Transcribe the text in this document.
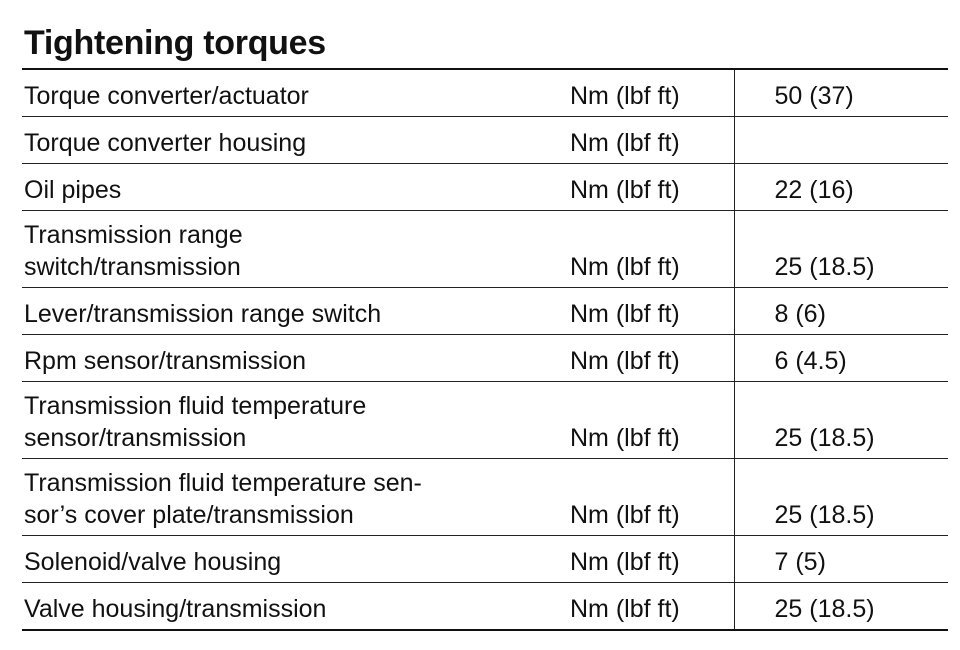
Tightening torques
Torque converter/actuator	Nm (lbf ft)	50 (37)

Torque converter housing	Nm (lbf ft)	

Oil pipes	Nm (lbf ft)	22 (16)

Transmission range
switch/transmission	Nm (lbf ft)	25 (18.5)

Lever/transmission range switch	Nm (lbf ft)	8 (6)

Rpm sensor/transmission	Nm (lbf ft)	6 (4.5)

Transmission fluid temperature
sensor/transmission	Nm (lbf ft)	25 (18.5)

Transmission fluid temperature sen-
sor’s cover plate/transmission	Nm (lbf ft)	25 (18.5)

Solenoid/valve housing	Nm (lbf ft)	7 (5)

Valve housing/transmission	Nm (lbf ft)	25 (18.5)
